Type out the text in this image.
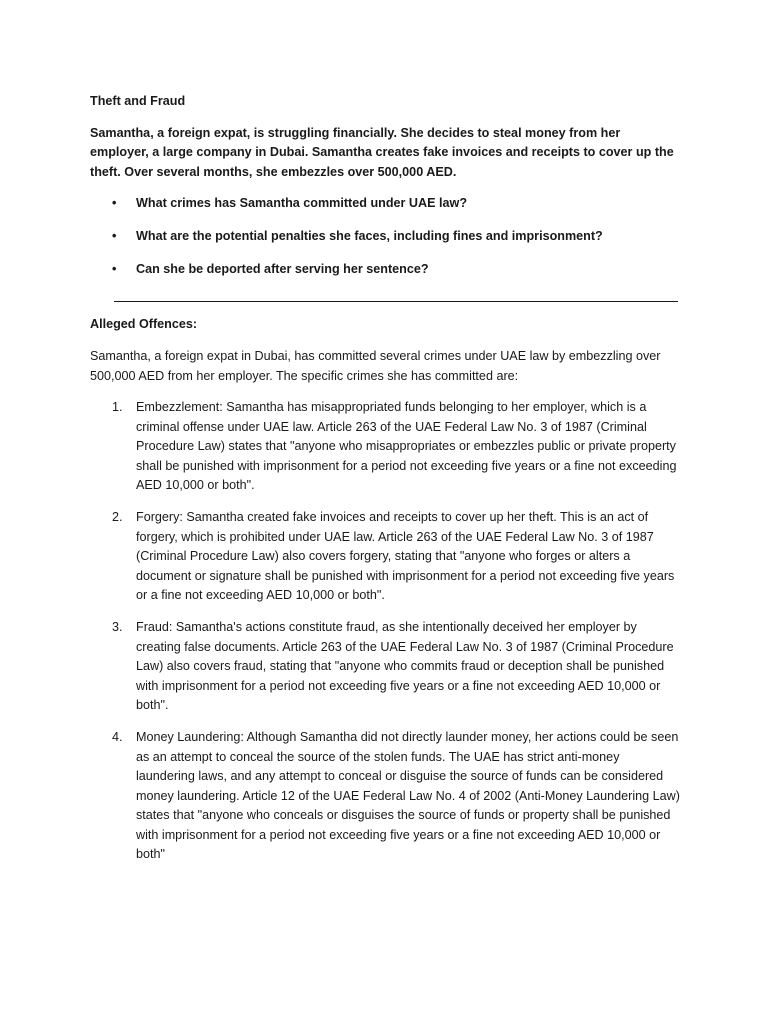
Theft and Fraud

Samantha, a foreign expat, is struggling financially. She decides to steal money from her employer, a large company in Dubai. Samantha creates fake invoices and receipts to cover up the theft. Over several months, she embezzles over 500,000 AED.

• What crimes has Samantha committed under UAE law?
• What are the potential penalties she faces, including fines and imprisonment?
• Can she be deported after serving her sentence?
Alleged Offences:

Samantha, a foreign expat in Dubai, has committed several crimes under UAE law by embezzling over 500,000 AED from her employer. The specific crimes she has committed are:

1. Embezzlement: Samantha has misappropriated funds belonging to her employer, which is a criminal offense under UAE law. Article 263 of the UAE Federal Law No. 3 of 1987 (Criminal Procedure Law) states that "anyone who misappropriates or embezzles public or private property shall be punished with imprisonment for a period not exceeding five years or a fine not exceeding AED 10,000 or both".
2. Forgery: Samantha created fake invoices and receipts to cover up her theft. This is an act of forgery, which is prohibited under UAE law. Article 263 of the UAE Federal Law No. 3 of 1987 (Criminal Procedure Law) also covers forgery, stating that "anyone who forges or alters a document or signature shall be punished with imprisonment for a period not exceeding five years or a fine not exceeding AED 10,000 or both".
3. Fraud: Samantha's actions constitute fraud, as she intentionally deceived her employer by creating false documents. Article 263 of the UAE Federal Law No. 3 of 1987 (Criminal Procedure Law) also covers fraud, stating that "anyone who commits fraud or deception shall be punished with imprisonment for a period not exceeding five years or a fine not exceeding AED 10,000 or both".
4. Money Laundering: Although Samantha did not directly launder money, her actions could be seen as an attempt to conceal the source of the stolen funds. The UAE has strict anti-money laundering laws, and any attempt to conceal or disguise the source of funds can be considered money laundering. Article 12 of the UAE Federal Law No. 4 of 2002 (Anti-Money Laundering Law) states that "anyone who conceals or disguises the source of funds or property shall be punished with imprisonment for a period not exceeding five years or a fine not exceeding AED 10,000 or both"
